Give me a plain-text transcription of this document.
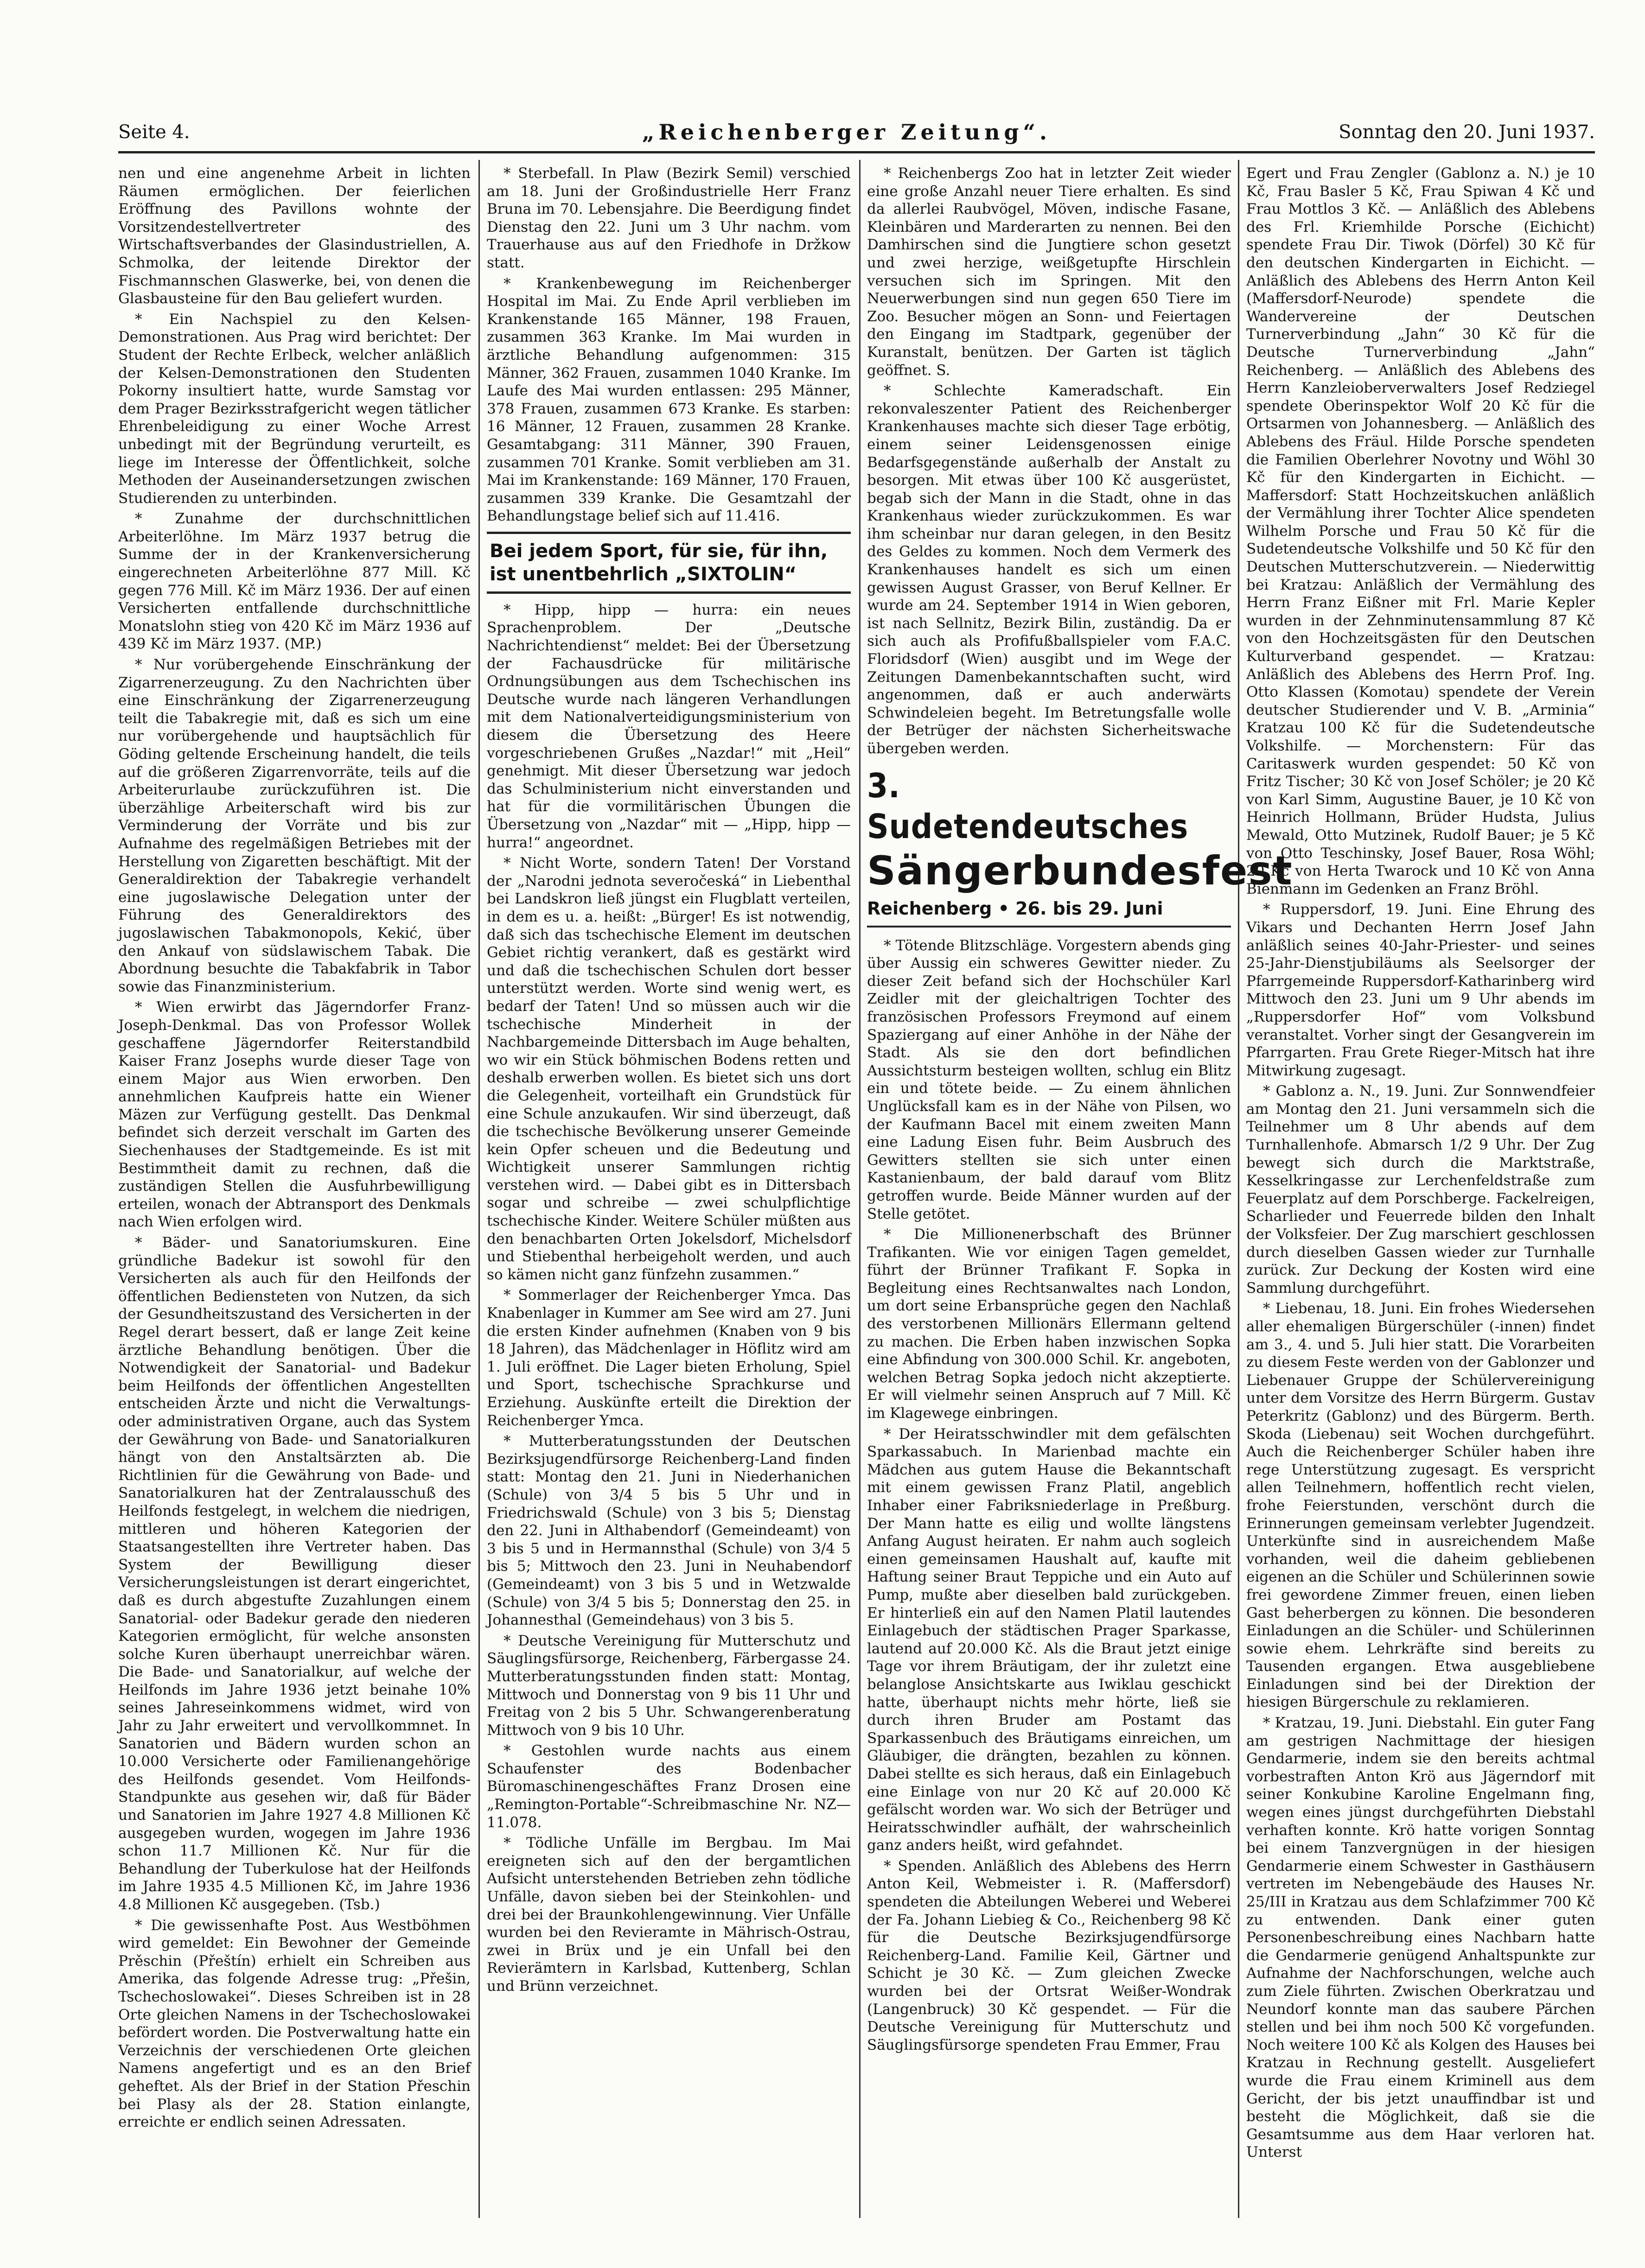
Seite 4.	„Reichenberger Zeitung“.	Sonntag den 20. Juni 1937.

nen und eine angenehme Arbeit in lichten Räumen ermöglichen. Der feierlichen Eröffnung des Pavillons wohnte der Vorsitzendestellvertreter des Wirtschaftsverbandes der Glasindustriellen, A. Schmolka, der leitende Direktor der Fischmannschen Glaswerke, bei, von denen die Glasbausteine für den Bau geliefert wurden.

* Ein Nachspiel zu den Kelsen-Demonstrationen. Aus Prag wird berichtet: Der Student der Rechte Erlbeck, welcher anläßlich der Kelsen-Demonstrationen den Studenten Pokorny insultiert hatte, wurde Samstag vor dem Prager Bezirksstrafgericht wegen tätlicher Ehrenbeleidigung zu einer Woche Arrest unbedingt mit der Begründung verurteilt, es liege im Interesse der Öffentlichkeit, solche Methoden der Auseinandersetzungen zwischen Studierenden zu unterbinden.

* Zunahme der durchschnittlichen Arbeiterlöhne. Im März 1937 betrug die Summe der in der Krankenversicherung eingerechneten Arbeiterlöhne 877 Mill. Kč gegen 776 Mill. Kč im März 1936. Der auf einen Versicherten entfallende durchschnittliche Monatslohn stieg von 420 Kč im März 1936 auf 439 Kč im März 1937. (MP.)

* Nur vorübergehende Einschränkung der Zigarrenerzeugung. Zu den Nachrichten über eine Einschränkung der Zigarrenerzeugung teilt die Tabakregie mit, daß es sich um eine nur vorübergehende und hauptsächlich für Göding geltende Erscheinung handelt, die teils auf die größeren Zigarrenvorräte, teils auf die Arbeiterurlaube zurückzuführen ist. Die überzählige Arbeiterschaft wird bis zur Verminderung der Vorräte und bis zur Aufnahme des regelmäßigen Betriebes mit der Herstellung von Zigaretten beschäftigt. Mit der Generaldirektion der Tabakregie verhandelt eine jugoslawische Delegation unter der Führung des Generaldirektors des jugoslawischen Tabakmonopols, Kekić, über den Ankauf von südslawischem Tabak. Die Abordnung besuchte die Tabakfabrik in Tabor sowie das Finanzministerium.

* Wien erwirbt das Jägerndorfer Franz-Joseph-Denkmal. Das von Professor Wollek geschaffene Jägerndorfer Reiterstandbild Kaiser Franz Josephs wurde dieser Tage von einem Major aus Wien erworben. Den annehmlichen Kaufpreis hatte ein Wiener Mäzen zur Verfügung gestellt. Das Denkmal befindet sich derzeit verschalt im Garten des Siechenhauses der Stadtgemeinde. Es ist mit Bestimmtheit damit zu rechnen, daß die zuständigen Stellen die Ausfuhrbewilligung erteilen, wonach der Abtransport des Denkmals nach Wien erfolgen wird.

* Bäder- und Sanatoriumskuren. Eine gründliche Badekur ist sowohl für den Versicherten als auch für den Heilfonds der öffentlichen Bediensteten von Nutzen, da sich der Gesundheitszustand des Versicherten in der Regel derart bessert, daß er lange Zeit keine ärztliche Behandlung benötigen. Über die Notwendigkeit der Sanatorial- und Badekur beim Heilfonds der öffentlichen Angestellten entscheiden Ärzte und nicht die Verwaltungs- oder administrativen Organe, auch das System der Gewährung von Bade- und Sanatorialkuren hängt von den Anstaltsärzten ab. Die Richtlinien für die Gewährung von Bade- und Sanatorialkuren hat der Zentralausschuß des Heilfonds festgelegt, in welchem die niedrigen, mittleren und höheren Kategorien der Staatsangestellten ihre Vertreter haben. Das System der Bewilligung dieser Versicherungsleistungen ist derart eingerichtet, daß es durch abgestufte Zuzahlungen einem Sanatorial- oder Badekur gerade den niederen Kategorien ermöglicht, für welche ansonsten solche Kuren überhaupt unerreichbar wären. Die Bade- und Sanatorialkur, auf welche der Heilfonds im Jahre 1936 jetzt beinahe 10% seines Jahreseinkommens widmet, wird von Jahr zu Jahr erweitert und vervollkommnet. In Sanatorien und Bädern wurden schon an 10.000 Versicherte oder Familienangehörige des Heilfonds gesendet. Vom Heilfonds-Standpunkte aus gesehen wir, daß für Bäder und Sanatorien im Jahre 1927 4.8 Millionen Kč ausgegeben wurden, wogegen im Jahre 1936 schon 11.7 Millionen Kč. Nur für die Behandlung der Tuberkulose hat der Heilfonds im Jahre 1935 4.5 Millionen Kč, im Jahre 1936 4.8 Millionen Kč ausgegeben. (Tsb.)

* Die gewissenhafte Post. Aus Westböhmen wird gemeldet: Ein Bewohner der Gemeinde Prěschin (Přeštín) erhielt ein Schreiben aus Amerika, das folgende Adresse trug: „Přešin, Tschechoslowakei“. Dieses Schreiben ist in 28 Orte gleichen Namens in der Tschechoslowakei befördert worden. Die Postverwaltung hatte ein Verzeichnis der verschiedenen Orte gleichen Namens angefertigt und es an den Brief geheftet. Als der Brief in der Station Přeschin bei Plasy als der 28. Station einlangte, erreichte er endlich seinen Adressaten.

* Sterbefall. In Plaw (Bezirk Semil) verschied am 18. Juni der Großindustrielle Herr Franz Bruna im 70. Lebensjahre. Die Beerdigung findet Dienstag den 22. Juni um 3 Uhr nachm. vom Trauerhause aus auf den Friedhofe in Držkow statt.

* Krankenbewegung im Reichenberger Hospital im Mai. Zu Ende April verblieben im Krankenstande 165 Männer, 198 Frauen, zusammen 363 Kranke. Im Mai wurden in ärztliche Behandlung aufgenommen: 315 Männer, 362 Frauen, zusammen 1040 Kranke. Im Laufe des Mai wurden entlassen: 295 Männer, 378 Frauen, zusammen 673 Kranke. Es starben: 16 Männer, 12 Frauen, zusammen 28 Kranke. Gesamtabgang: 311 Männer, 390 Frauen, zusammen 701 Kranke. Somit verblieben am 31. Mai im Krankenstande: 169 Männer, 170 Frauen, zusammen 339 Kranke. Die Gesamtzahl der Behandlungstage belief sich auf 11.416.

Bei jedem Sport, für sie, für ihn, ist unentbehrlich „SIXTOLIN“

* Hipp, hipp — hurra: ein neues Sprachenproblem. Der „Deutsche Nachrichtendienst“ meldet: Bei der Übersetzung der Fachausdrücke für militärische Ordnungsübungen aus dem Tschechischen ins Deutsche wurde nach längeren Verhandlungen mit dem Nationalverteidigungsministerium von diesem die Übersetzung des Heere vorgeschriebenen Grußes „Nazdar!“ mit „Heil“ genehmigt. Mit dieser Übersetzung war jedoch das Schulministerium nicht einverstanden und hat für die vormilitärischen Übungen die Übersetzung von „Nazdar“ mit — „Hipp, hipp — hurra!“ angeordnet.

* Nicht Worte, sondern Taten! Der Vorstand der „Narodni jednota severočeská“ in Liebenthal bei Landskron ließ jüngst ein Flugblatt verteilen, in dem es u. a. heißt: „Bürger! Es ist notwendig, daß sich das tschechische Element im deutschen Gebiet richtig verankert, daß es gestärkt wird und daß die tschechischen Schulen dort besser unterstützt werden. Worte sind wenig wert, es bedarf der Taten! Und so müssen auch wir die tschechische Minderheit in der Nachbargemeinde Dittersbach im Auge behalten, wo wir ein Stück böhmischen Bodens retten und deshalb erwerben wollen. Es bietet sich uns dort die Gelegenheit, vorteilhaft ein Grundstück für eine Schule anzukaufen. Wir sind überzeugt, daß die tschechische Bevölkerung unserer Gemeinde kein Opfer scheuen und die Bedeutung und Wichtigkeit unserer Sammlungen richtig verstehen wird. — Dabei gibt es in Dittersbach sogar und schreibe — zwei schulpflichtige tschechische Kinder. Weitere Schüler müßten aus den benachbarten Orten Jokelsdorf, Michelsdorf und Stiebenthal herbeigeholt werden, und auch so kämen nicht ganz fünfzehn zusammen.“

* Sommerlager der Reichenberger Ymca. Das Knabenlager in Kummer am See wird am 27. Juni die ersten Kinder aufnehmen (Knaben von 9 bis 18 Jahren), das Mädchenlager in Höflitz wird am 1. Juli eröffnet. Die Lager bieten Erholung, Spiel und Sport, tschechische Sprachkurse und Erziehung. Auskünfte erteilt die Direktion der Reichenberger Ymca.

* Mutterberatungsstunden der Deutschen Bezirksjugendfürsorge Reichenberg-Land finden statt: Montag den 21. Juni in Niederhanichen (Schule) von 3/4 5 bis 5 Uhr und in Friedrichswald (Schule) von 3 bis 5; Dienstag den 22. Juni in Althabendorf (Gemeindeamt) von 3 bis 5 und in Hermannsthal (Schule) von 3/4 5 bis 5; Mittwoch den 23. Juni in Neuhabendorf (Gemeindeamt) von 3 bis 5 und in Wetzwalde (Schule) von 3/4 5 bis 5; Donnerstag den 25. in Johannesthal (Gemeindehaus) von 3 bis 5.

* Deutsche Vereinigung für Mutterschutz und Säuglingsfürsorge, Reichenberg, Färbergasse 24. Mutterberatungsstunden finden statt: Montag, Mittwoch und Donnerstag von 9 bis 11 Uhr und Freitag von 2 bis 5 Uhr. Schwangerenberatung Mittwoch von 9 bis 10 Uhr.

* Gestohlen wurde nachts aus einem Schaufenster des Bodenbacher Büromaschinengeschäftes Franz Drosen eine „Remington-Portable“-Schreibmaschine Nr. NZ—11.078.

* Tödliche Unfälle im Bergbau. Im Mai ereigneten sich auf den der bergamtlichen Aufsicht unterstehenden Betrieben zehn tödliche Unfälle, davon sieben bei der Steinkohlen- und drei bei der Braunkohlengewinnung. Vier Unfälle wurden bei den Revieramte in Mährisch-Ostrau, zwei in Brüx und je ein Unfall bei den Revierämtern in Karlsbad, Kuttenberg, Schlan und Brünn verzeichnet.

* Reichenbergs Zoo hat in letzter Zeit wieder eine große Anzahl neuer Tiere erhalten. Es sind da allerlei Raubvögel, Möven, indische Fasane, Kleinbären und Marderarten zu nennen. Bei den Damhirschen sind die Jungtiere schon gesetzt und zwei herzige, weißgetupfte Hirschlein versuchen sich im Springen. Mit den Neuerwerbungen sind nun gegen 650 Tiere im Zoo. Besucher mögen an Sonn- und Feiertagen den Eingang im Stadtpark, gegenüber der Kuranstalt, benützen. Der Garten ist täglich geöffnet. S.

* Schlechte Kameradschaft. Ein rekonvaleszenter Patient des Reichenberger Krankenhauses machte sich dieser Tage erbötig, einem seiner Leidensgenossen einige Bedarfsgegenstände außerhalb der Anstalt zu besorgen. Mit etwas über 100 Kč ausgerüstet, begab sich der Mann in die Stadt, ohne in das Krankenhaus wieder zurückzukommen. Es war ihm scheinbar nur daran gelegen, in den Besitz des Geldes zu kommen. Noch dem Vermerk des Krankenhauses handelt es sich um einen gewissen August Grasser, von Beruf Kellner. Er wurde am 24. September 1914 in Wien geboren, ist nach Sellnitz, Bezirk Bilin, zuständig. Da er sich auch als Profifußballspieler vom F.A.C. Floridsdorf (Wien) ausgibt und im Wege der Zeitungen Damenbekanntschaften sucht, wird angenommen, daß er auch anderwärts Schwindeleien begeht. Im Betretungsfalle wolle der Betrüger der nächsten Sicherheitswache übergeben werden.

3. Sudetendeutsches
Sängerbundesfest
Reichenberg • 26. bis 29. Juni

* Tötende Blitzschläge. Vorgestern abends ging über Aussig ein schweres Gewitter nieder. Zu dieser Zeit befand sich der Hochschüler Karl Zeidler mit der gleichaltrigen Tochter des französischen Professors Freymond auf einem Spaziergang auf einer Anhöhe in der Nähe der Stadt. Als sie den dort befindlichen Aussichtsturm besteigen wollten, schlug ein Blitz ein und tötete beide. — Zu einem ähnlichen Unglücksfall kam es in der Nähe von Pilsen, wo der Kaufmann Bacel mit einem zweiten Mann eine Ladung Eisen fuhr. Beim Ausbruch des Gewitters stellten sie sich unter einen Kastanienbaum, der bald darauf vom Blitz getroffen wurde. Beide Männer wurden auf der Stelle getötet.

* Die Millionenerbschaft des Brünner Trafikanten. Wie vor einigen Tagen gemeldet, führt der Brünner Trafikant F. Sopka in Begleitung eines Rechtsanwaltes nach London, um dort seine Erbansprüche gegen den Nachlaß des verstorbenen Millionärs Ellermann geltend zu machen. Die Erben haben inzwischen Sopka eine Abfindung von 300.000 Schil. Kr. angeboten, welchen Betrag Sopka jedoch nicht akzeptierte. Er will vielmehr seinen Anspruch auf 7 Mill. Kč im Klagewege einbringen.

* Der Heiratsschwindler mit dem gefälschten Sparkassabuch. In Marienbad machte ein Mädchen aus gutem Hause die Bekanntschaft mit einem gewissen Franz Platil, angeblich Inhaber einer Fabriksniederlage in Preßburg. Der Mann hatte es eilig und wollte längstens Anfang August heiraten. Er nahm auch sogleich einen gemeinsamen Haushalt auf, kaufte mit Haftung seiner Braut Teppiche und ein Auto auf Pump, mußte aber dieselben bald zurückgeben. Er hinterließ ein auf den Namen Platil lautendes Einlagebuch der städtischen Prager Sparkasse, lautend auf 20.000 Kč. Als die Braut jetzt einige Tage vor ihrem Bräutigam, der ihr zuletzt eine belanglose Ansichtskarte aus Iwiklau geschickt hatte, überhaupt nichts mehr hörte, ließ sie durch ihren Bruder am Postamt das Sparkassenbuch des Bräutigams einreichen, um Gläubiger, die drängten, bezahlen zu können. Dabei stellte es sich heraus, daß ein Einlagebuch eine Einlage von nur 20 Kč auf 20.000 Kč gefälscht worden war. Wo sich der Betrüger und Heiratsschwindler aufhält, der wahrscheinlich ganz anders heißt, wird gefahndet.

* Spenden. Anläßlich des Ablebens des Herrn Anton Keil, Webmeister i. R. (Maffersdorf) spendeten die Abteilungen Weberei und Weberei der Fa. Johann Liebieg & Co., Reichenberg 98 Kč für die Deutsche Bezirksjugendfürsorge Reichenberg-Land. Familie Keil, Gärtner und Schicht je 30 Kč. — Zum gleichen Zwecke wurden bei der Ortsrat Weißer-Wondrak (Langenbruck) 30 Kč gespendet. — Für die Deutsche Vereinigung für Mutterschutz und Säuglingsfürsorge spendeten Frau Emmer, Frau

Egert und Frau Zengler (Gablonz a. N.) je 10 Kč, Frau Basler 5 Kč, Frau Spiwan 4 Kč und Frau Mottlos 3 Kč. — Anläßlich des Ablebens des Frl. Kriemhilde Porsche (Eichicht) spendete Frau Dir. Tiwok (Dörfel) 30 Kč für den deutschen Kindergarten in Eichicht. — Anläßlich des Ablebens des Herrn Anton Keil (Maffersdorf-Neurode) spendete die Wandervereine der Deutschen Turnerverbindung „Jahn“ 30 Kč für die Deutsche Turnerverbindung „Jahn“ Reichenberg. — Anläßlich des Ablebens des Herrn Kanzleioberverwalters Josef Redziegel spendete Oberinspektor Wolf 20 Kč für die Ortsarmen von Johannesberg. — Anläßlich des Ablebens des Fräul. Hilde Porsche spendeten die Familien Oberlehrer Novotny und Wöhl 30 Kč für den Kindergarten in Eichicht. — Maffersdorf: Statt Hochzeitskuchen anläßlich der Vermählung ihrer Tochter Alice spendeten Wilhelm Porsche und Frau 50 Kč für die Sudetendeutsche Volkshilfe und 50 Kč für den Deutschen Mutterschutzverein. — Niederwittig bei Kratzau: Anläßlich der Vermählung des Herrn Franz Eißner mit Frl. Marie Kepler wurden in der Zehnminutensammlung 87 Kč von den Hochzeitsgästen für den Deutschen Kulturverband gespendet. — Kratzau: Anläßlich des Ablebens des Herrn Prof. Ing. Otto Klassen (Komotau) spendete der Verein deutscher Studierender und V. B. „Arminia“ Kratzau 100 Kč für die Sudetendeutsche Volkshilfe. — Morchenstern: Für das Caritaswerk wurden gespendet: 50 Kč von Fritz Tischer; 30 Kč von Josef Schöler; je 20 Kč von Karl Simm, Augustine Bauer, je 10 Kč von Heinrich Hollmann, Brüder Hudsta, Julius Mewald, Otto Mutzinek, Rudolf Bauer; je 5 Kč von Otto Teschinsky, Josef Bauer, Rosa Wöhl; 20 Kč von Herta Twarock und 10 Kč von Anna Bienmann im Gedenken an Franz Bröhl.

* Ruppersdorf, 19. Juni. Eine Ehrung des Vikars und Dechanten Herrn Josef Jahn anläßlich seines 40-Jahr-Priester- und seines 25-Jahr-Dienstjubiläums als Seelsorger der Pfarrgemeinde Ruppersdorf-Katharinberg wird Mittwoch den 23. Juni um 9 Uhr abends im „Ruppersdorfer Hof“ vom Volksbund veranstaltet. Vorher singt der Gesangverein im Pfarrgarten. Frau Grete Rieger-Mitsch hat ihre Mitwirkung zugesagt.

* Gablonz a. N., 19. Juni. Zur Sonnwendfeier am Montag den 21. Juni versammeln sich die Teilnehmer um 8 Uhr abends auf dem Turnhallenhofe. Abmarsch 1/2 9 Uhr. Der Zug bewegt sich durch die Marktstraße, Kesselkringasse zur Lerchenfeldstraße zum Feuerplatz auf dem Porschberge. Fackelreigen, Scharlieder und Feuerrede bilden den Inhalt der Volksfeier. Der Zug marschiert geschlossen durch dieselben Gassen wieder zur Turnhalle zurück. Zur Deckung der Kosten wird eine Sammlung durchgeführt.

* Liebenau, 18. Juni. Ein frohes Wiedersehen aller ehemaligen Bürgerschüler (-innen) findet am 3., 4. und 5. Juli hier statt. Die Vorarbeiten zu diesem Feste werden von der Gablonzer und Liebenauer Gruppe der Schülervereinigung unter dem Vorsitze des Herrn Bürgerm. Gustav Peterkritz (Gablonz) und des Bürgerm. Berth. Skoda (Liebenau) seit Wochen durchgeführt. Auch die Reichenberger Schüler haben ihre rege Unterstützung zugesagt. Es verspricht allen Teilnehmern, hoffentlich recht vielen, frohe Feierstunden, verschönt durch die Erinnerungen gemeinsam verlebter Jugendzeit. Unterkünfte sind in ausreichendem Maße vorhanden, weil die daheim gebliebenen eigenen an die Schüler und Schülerinnen sowie frei gewordene Zimmer freuen, einen lieben Gast beherbergen zu können. Die besonderen Einladungen an die Schüler- und Schülerinnen sowie ehem. Lehrkräfte sind bereits zu Tausenden ergangen. Etwa ausgebliebene Einladungen sind bei der Direktion der hiesigen Bürgerschule zu reklamieren.

* Kratzau, 19. Juni. Diebstahl. Ein guter Fang am gestrigen Nachmittage der hiesigen Gendarmerie, indem sie den bereits achtmal vorbestraften Anton Krö aus Jägerndorf mit seiner Konkubine Karoline Engelmann fing, wegen eines jüngst durchgeführten Diebstahl verhaften konnte. Krö hatte vorigen Sonntag bei einem Tanzvergnügen in der hiesigen Gendarmerie einem Schwester in Gasthäusern vertreten im Nebengebäude des Hauses Nr. 25/III in Kratzau aus dem Schlafzimmer 700 Kč zu entwenden. Dank einer guten Personenbeschreibung eines Nachbarn hatte die Gendarmerie genügend Anhaltspunkte zur Aufnahme der Nachforschungen, welche auch zum Ziele führten. Zwischen Oberkratzau und Neundorf konnte man das saubere Pärchen stellen und bei ihm noch 500 Kč vorgefunden. Noch weitere 100 Kč als Kolgen des Hauses bei Kratzau in Rechnung gestellt. Ausgeliefert wurde die Frau einem Kriminell aus dem Gericht, der bis jetzt unauffindbar ist und besteht die Möglichkeit, daß sie die Gesamtsumme aus dem Haar verloren hat. Unterst
